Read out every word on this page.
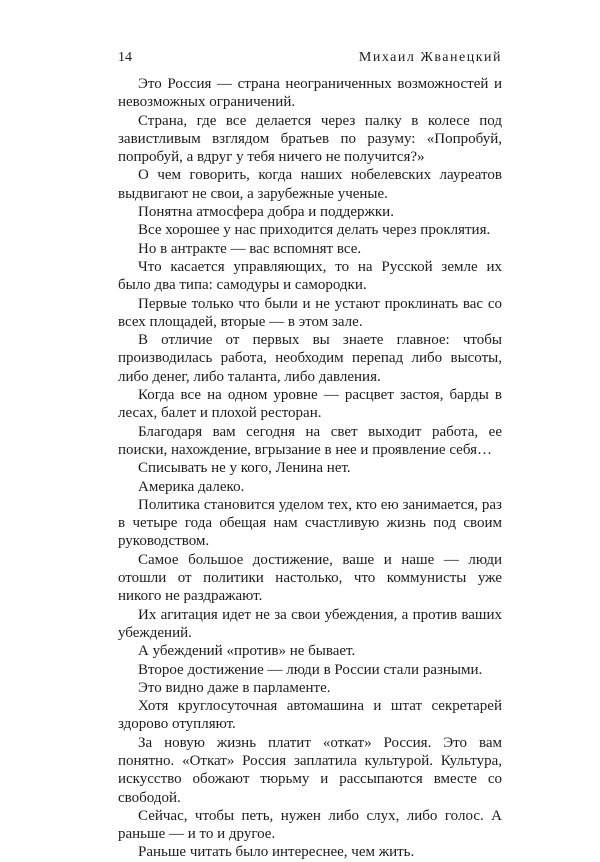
14	Михаил Жванецкий

Это Россия — страна неограниченных возможностей и невозможных ограничений.

Страна, где все делается через палку в колесе под завистливым взглядом братьев по разуму: «Попробуй, попробуй, а вдруг у тебя ничего не получится?»

О чем говорить, когда наших нобелевских лауреатов выдвигают не свои, а зарубежные ученые.

Понятна атмосфера добра и поддержки.

Все хорошее у нас приходится делать через проклятия.

Но в антракте — вас вспомнят все.

Что касается управляющих, то на Русской земле их было два типа: самодуры и самородки.

Первые только что были и не устают проклинать вас со всех площадей, вторые — в этом зале.

В отличие от первых вы знаете главное: чтобы производилась работа, необходим перепад либо высоты, либо денег, либо таланта, либо давления.

Когда все на одном уровне — расцвет застоя, барды в лесах, балет и плохой ресторан.

Благодаря вам сегодня на свет выходит работа, ее поиски, нахождение, вгрызание в нее и проявление себя…

Списывать не у кого, Ленина нет.

Америка далеко.

Политика становится уделом тех, кто ею занимается, раз в четыре года обещая нам счастливую жизнь под своим руководством.

Самое большое достижение, ваше и наше — люди отошли от политики настолько, что коммунисты уже никого не раздражают.

Их агитация идет не за свои убеждения, а против ваших убеждений.

А убеждений «против» не бывает.

Второе достижение — люди в России стали разными.

Это видно даже в парламенте.

Хотя круглосуточная автомашина и штат секретарей здорово отупляют.

За новую жизнь платит «откат» Россия. Это вам понятно. «Откат» Россия заплатила культурой. Культура, искусство обожают тюрьму и рассыпаются вместе со свободой.

Сейчас, чтобы петь, нужен либо слух, либо голос. А раньше — и то и другое.

Раньше читать было интереснее, чем жить.
